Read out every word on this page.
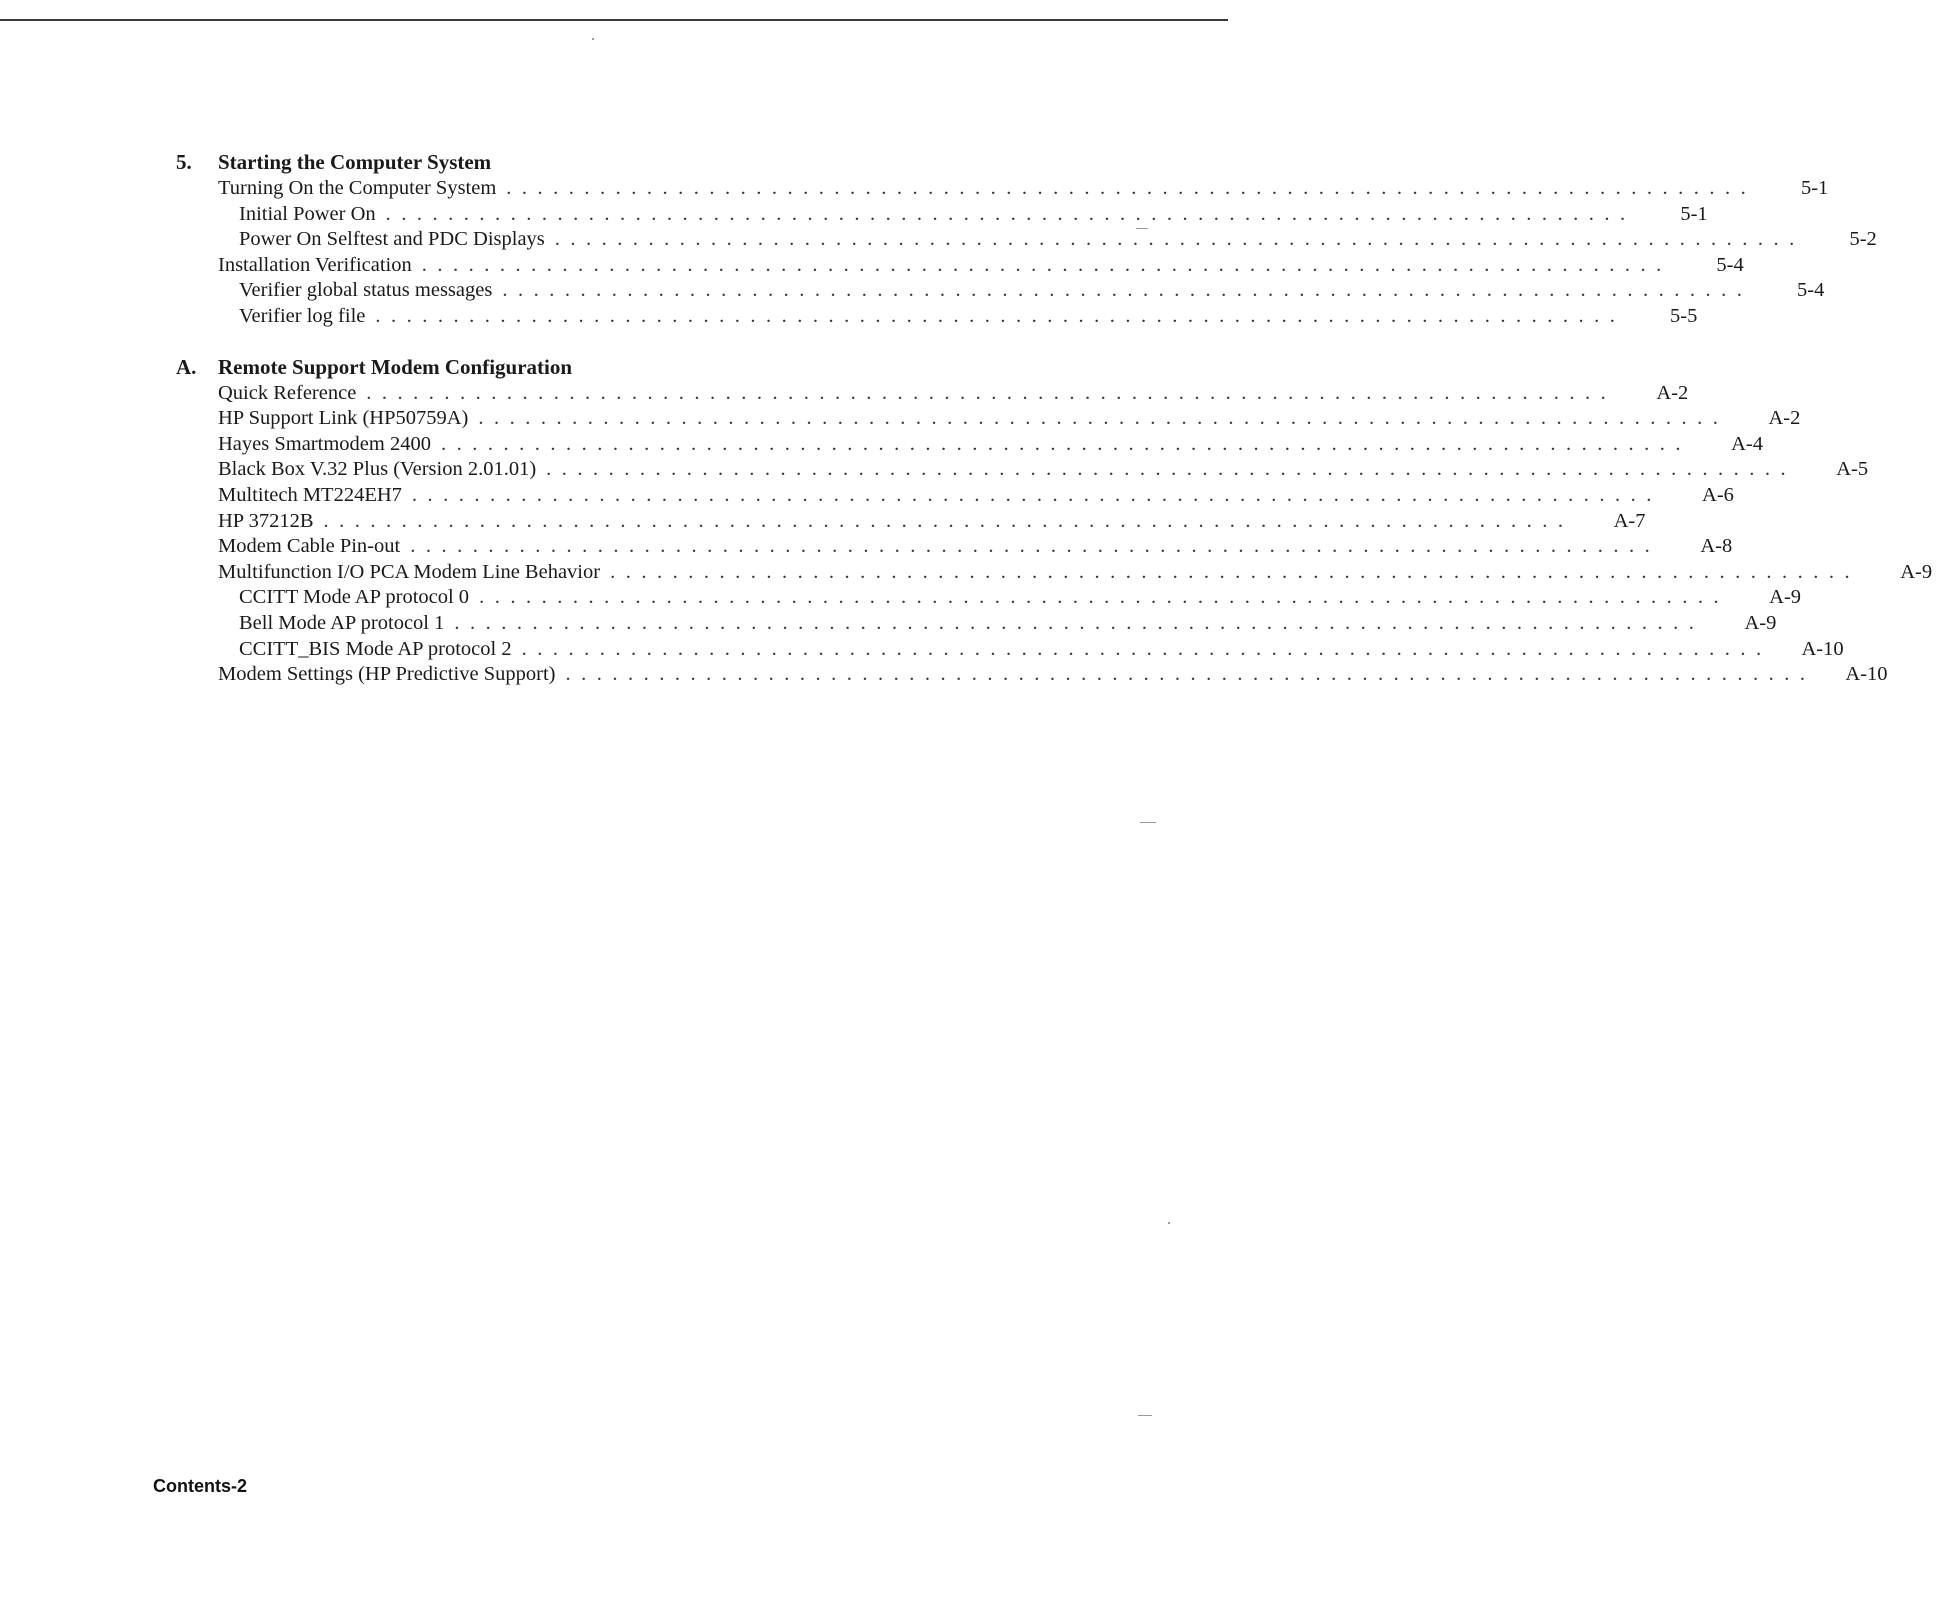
5.	Starting the Computer System
Turning On the Computer System ................................................................................	5-1
Initial Power On ................................................................................	5-1
Power On Selftest and PDC Displays ................................................................................	5-2
Installation Verification ................................................................................	5-4
Verifier global status messages ................................................................................	5-4
Verifier log file ................................................................................	5-5
A.	Remote Support Modem Configuration
Quick Reference ................................................................................	A-2
HP Support Link (HP50759A) ................................................................................	A-2
Hayes Smartmodem 2400 ................................................................................	A-4
Black Box V.32 Plus (Version 2.01.01) ................................................................................	A-5
Multitech MT224EH7 ................................................................................	A-6
HP 37212B ................................................................................	A-7
Modem Cable Pin-out ................................................................................	A-8
Multifunction I/O PCA Modem Line Behavior ................................................................................	A-9
CCITT Mode AP protocol 0 ................................................................................	A-9
Bell Mode AP protocol 1 ................................................................................	A-9
CCITT_BIS Mode AP protocol 2 ................................................................................	A-10
Modem Settings (HP Predictive Support) ................................................................................	A-10
Contents-2
